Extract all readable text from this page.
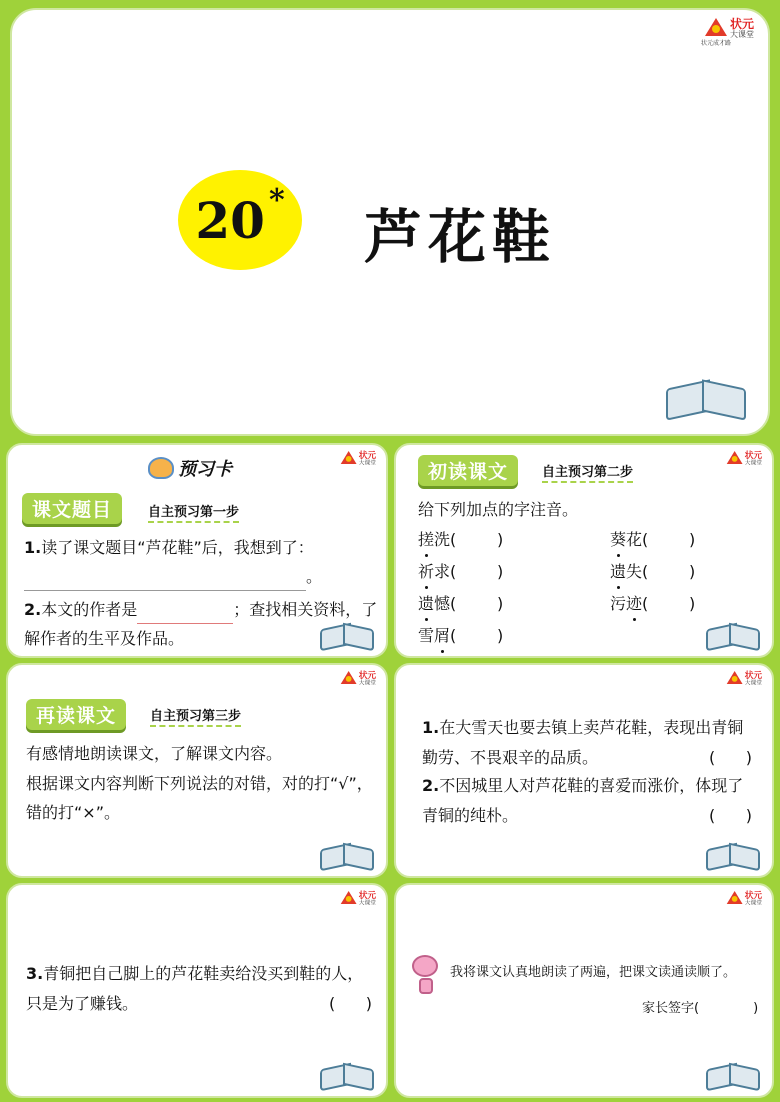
状元成才路
状元
大课堂
20 *
芦花鞋
状元
大课堂
预习卡
课文题目	自主预习第一步
1.读了课文题目“芦花鞋”后，我想到了：。
2.本文的作者是	；查找相关资料，了解作者的生平及作品。
状元
大课堂
初读课文	自主预习第二步
给下列加点的字注音。
搓洗(        )	葵花(        )
祈求(        )	遗失(        )
遗憾(        )	污迹(        )
雪屑(        )
状元
大课堂
再读课文	自主预习第三步
有感情地朗读课文，了解课文内容。
根据课文内容判断下列说法的对错，对的打“√”，错的打“×”。
状元
大课堂
1.在大雪天也要去镇上卖芦花鞋，表现出青铜勤劳、不畏艰辛的品质。	(      )
2.不因城里人对芦花鞋的喜爱而涨价，体现了青铜的纯朴。	(      )
状元
大课堂
3.青铜把自己脚上的芦花鞋卖给没买到鞋的人，只是为了赚钱。	(      )
状元
大课堂
我将课文认真地朗读了两遍，把课文读通读顺了。
家长签字(	)
